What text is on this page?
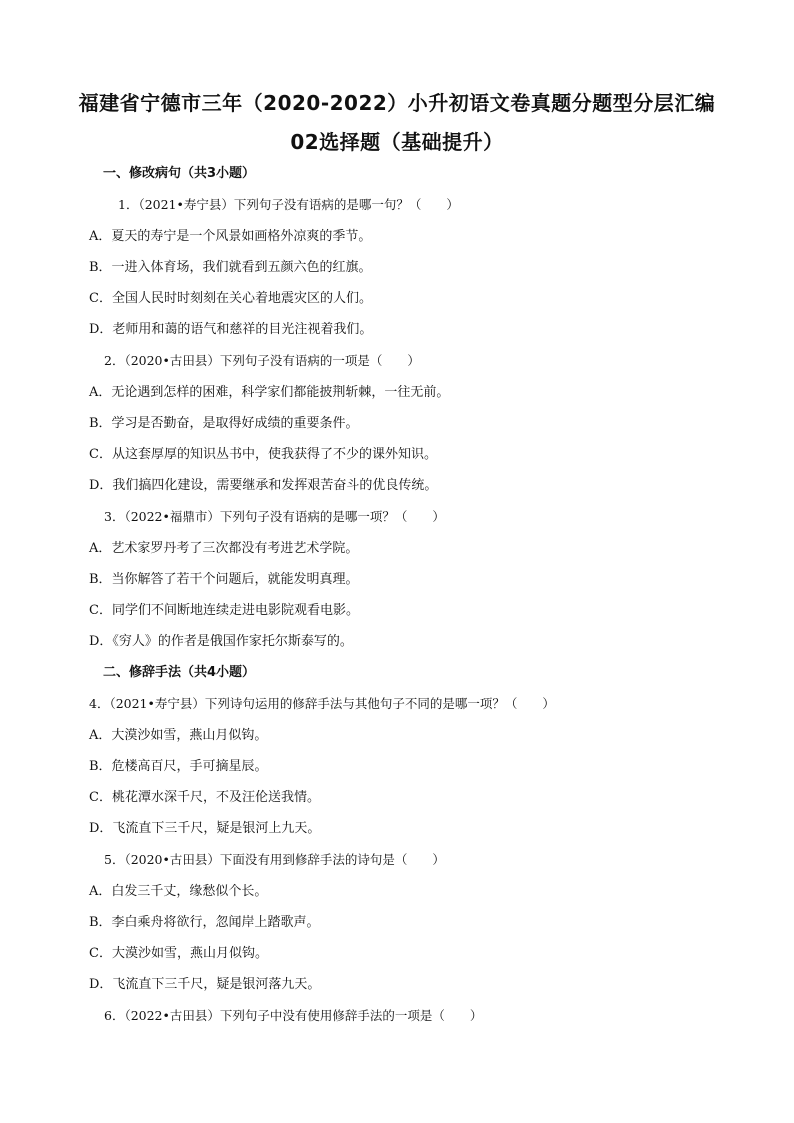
福建省宁德市三年（2020-2022）小升初语文卷真题分题型分层汇编
02选择题（基础提升）
一、修改病句（共3小题）
1．（2021•寿宁县）下列句子没有语病的是哪一句？（　　）
A．夏天的寿宁是一个风景如画格外凉爽的季节。
B．一进入体育场，我们就看到五颜六色的红旗。
C．全国人民时时刻刻在关心着地震灾区的人们。
D．老师用和蔼的语气和慈祥的目光注视着我们。
2．（2020•古田县）下列句子没有语病的一项是（　　）
A．无论遇到怎样的困难，科学家们都能披荆斩棘，一往无前。
B．学习是否勤奋，是取得好成绩的重要条件。
C．从这套厚厚的知识丛书中，使我获得了不少的课外知识。
D．我们搞四化建设，需要继承和发挥艰苦奋斗的优良传统。
3．（2022•福鼎市）下列句子没有语病的是哪一项？（　　）
A．艺术家罗丹考了三次都没有考进艺术学院。
B．当你解答了若干个问题后，就能发明真理。
C．同学们不间断地连续走进电影院观看电影。
D．《穷人》的作者是俄国作家托尔斯泰写的。
二、修辞手法（共4小题）
4．（2021•寿宁县）下列诗句运用的修辞手法与其他句子不同的是哪一项？（　　）
A．大漠沙如雪，燕山月似钩。
B．危楼高百尺，手可摘星辰。
C．桃花潭水深千尺，不及汪伦送我情。
D．飞流直下三千尺，疑是银河上九天。
5．（2020•古田县）下面没有用到修辞手法的诗句是（　　）
A．白发三千丈，缘愁似个长。
B．李白乘舟将欲行，忽闻岸上踏歌声。
C．大漠沙如雪，燕山月似钩。
D．飞流直下三千尺，疑是银河落九天。
6．（2022•古田县）下列句子中没有使用修辞手法的一项是（　　）
